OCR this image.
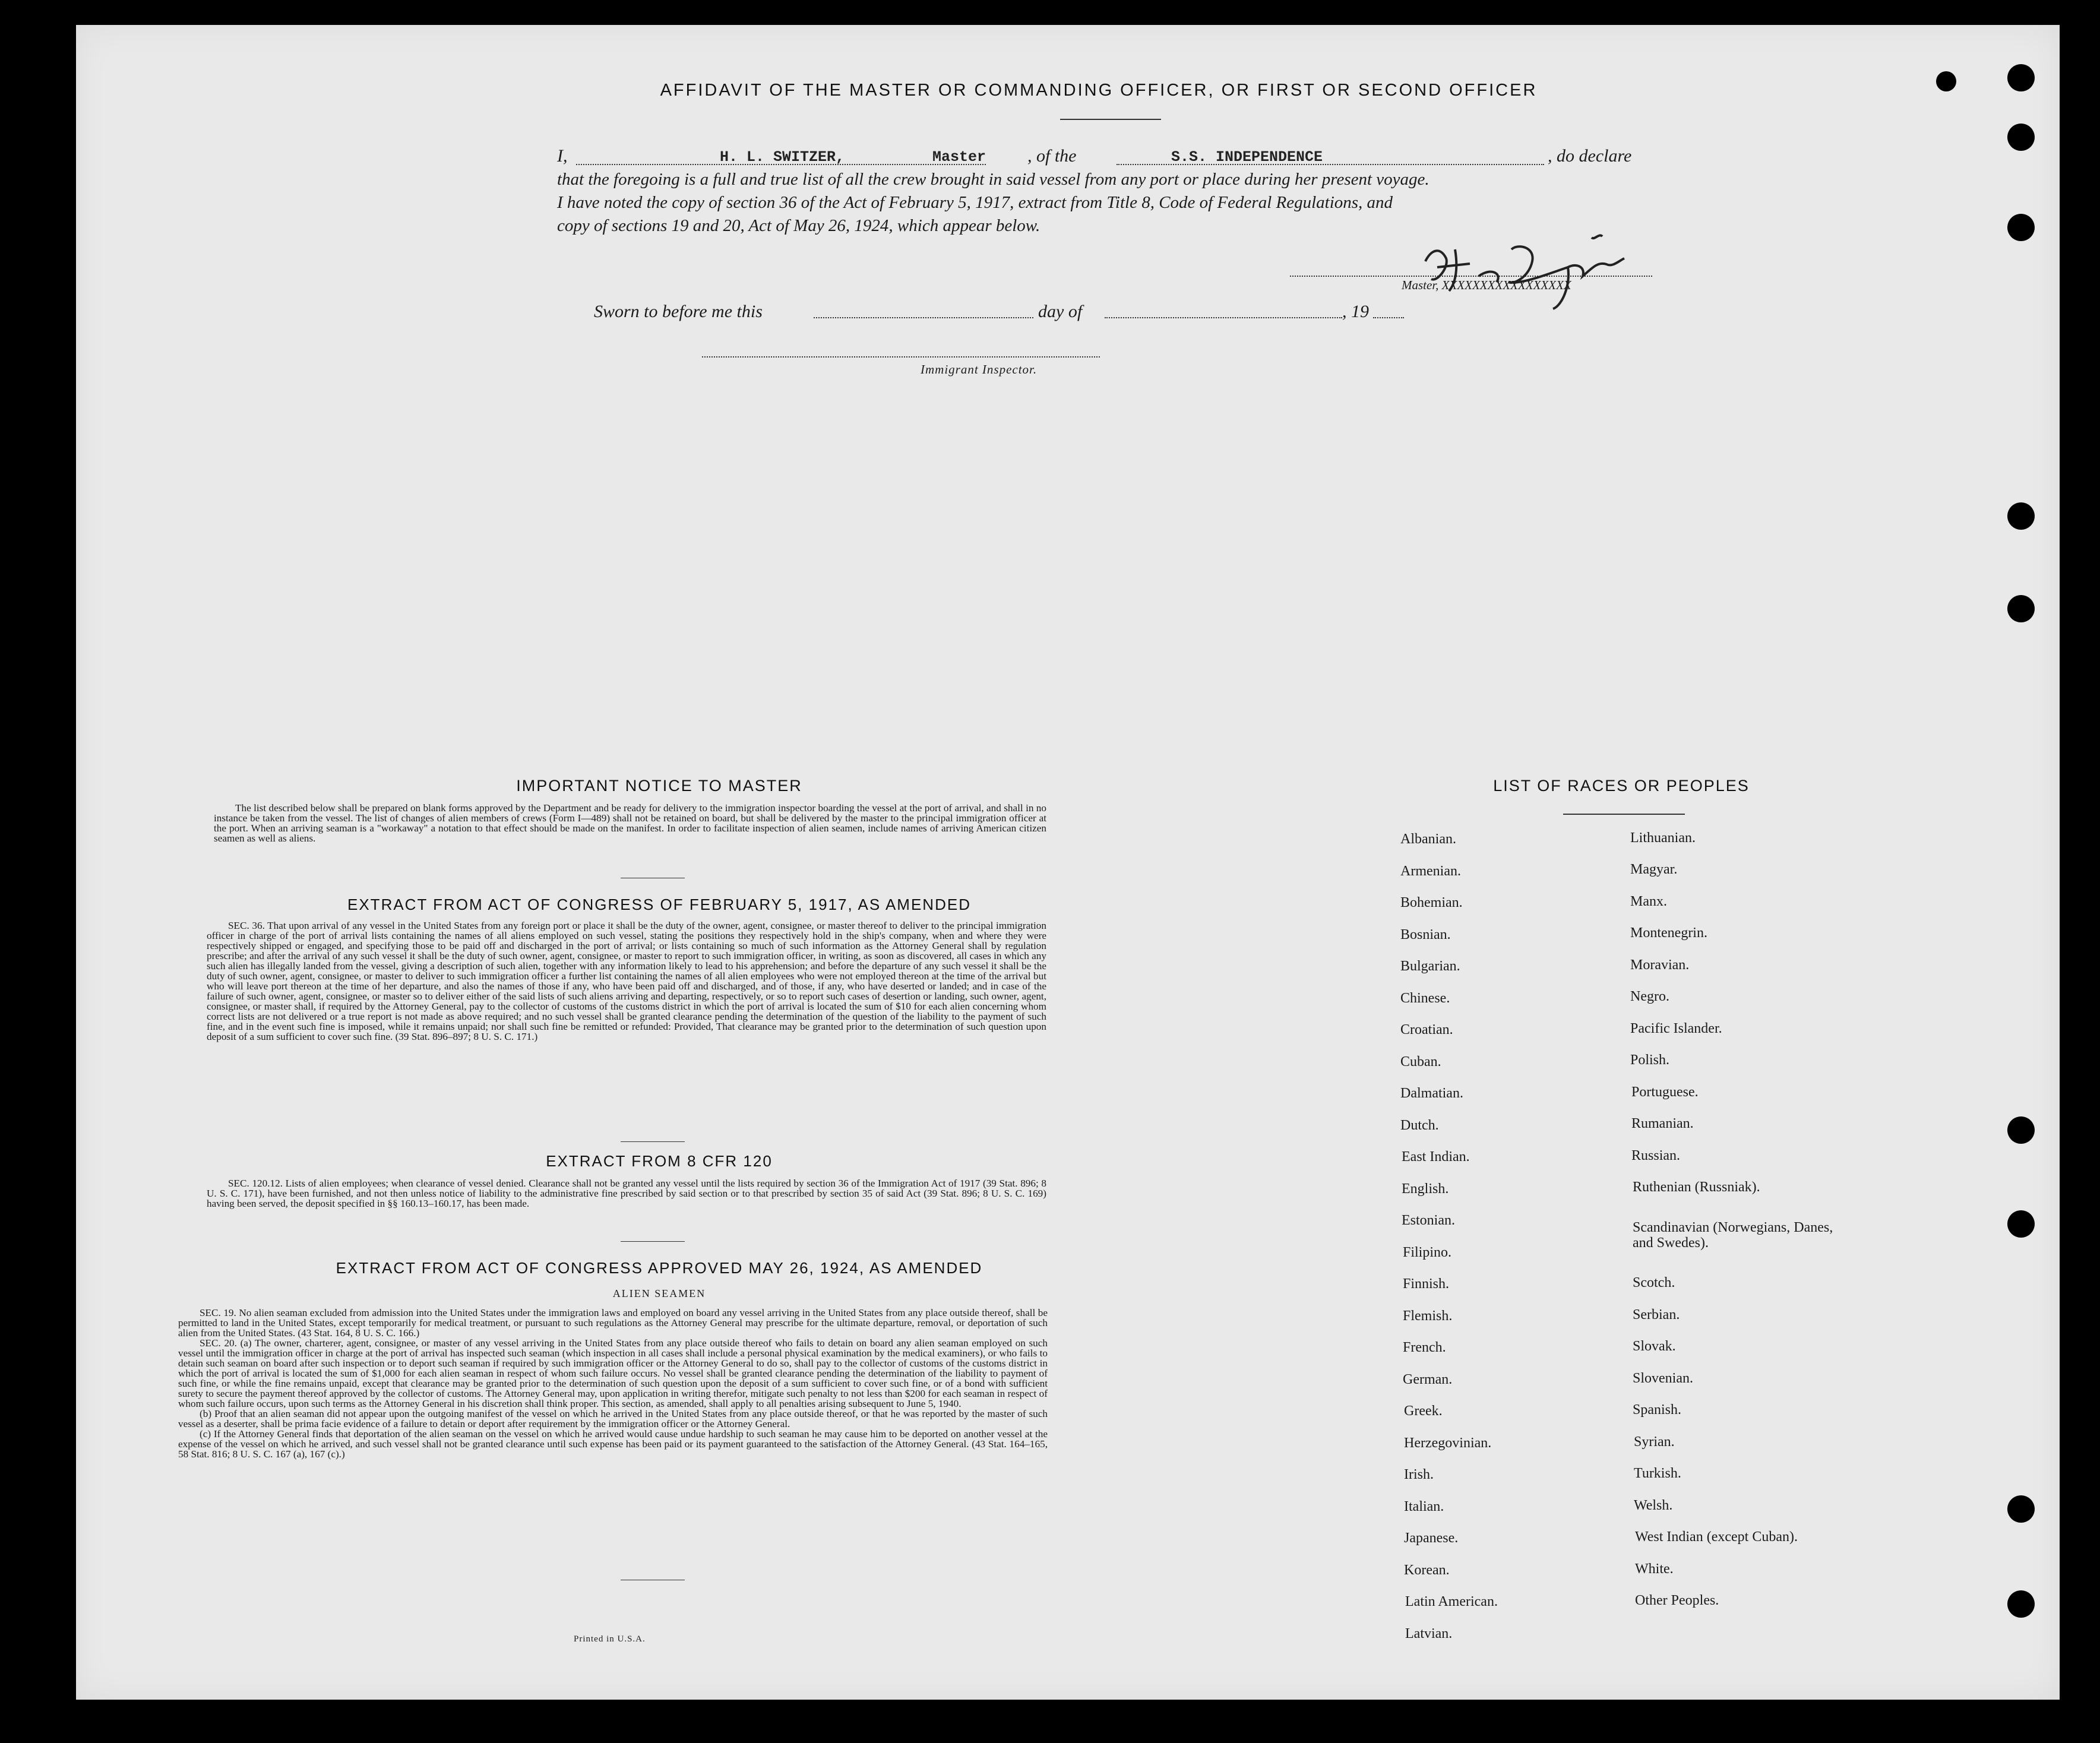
AFFIDAVIT OF THE MASTER OR COMMANDING OFFICER, OR FIRST OR SECOND OFFICER
I,	H. L. SWITZER,	Master , of the	S.S. INDEPENDENCE	, do declare
that the foregoing is a full and true list of all the crew brought in said vessel from any port or place during her present voyage.
I have noted the copy of section 36 of the Act of February 5, 1917, extract from Title 8, Code of Federal Regulations, and
copy of sections 19 and 20, Act of May 26, 1924, which appear below.
Master, XXXXXXXXXXXXXXXXX
Sworn to before me this	day of	, 19
Immigrant Inspector.
IMPORTANT NOTICE TO MASTER

The list described below shall be prepared on blank forms approved by the Department and be ready for delivery to the immigration inspector boarding the vessel at the port of arrival, and shall in no instance be taken from the vessel. The list of changes of alien members of crews (Form I—489) shall not be retained on board, but shall be delivered by the master to the principal immigration officer at the port. When an arriving seaman is a "workaway" a notation to that effect should be made on the manifest. In order to facilitate inspection of alien seamen, include names of arriving American citizen seamen as well as aliens.

EXTRACT FROM ACT OF CONGRESS OF FEBRUARY 5, 1917, AS AMENDED

SEC. 36. That upon arrival of any vessel in the United States from any foreign port or place it shall be the duty of the owner, agent, consignee, or master thereof to deliver to the principal immigration officer in charge of the port of arrival lists containing the names of all aliens employed on such vessel, stating the positions they respectively hold in the ship's company, when and where they were respectively shipped or engaged, and specifying those to be paid off and discharged in the port of arrival; or lists containing so much of such information as the Attorney General shall by regulation prescribe; and after the arrival of any such vessel it shall be the duty of such owner, agent, consignee, or master to report to such immigration officer, in writing, as soon as discovered, all cases in which any such alien has illegally landed from the vessel, giving a description of such alien, together with any information likely to lead to his apprehension; and before the departure of any such vessel it shall be the duty of such owner, agent, consignee, or master to deliver to such immigration officer a further list containing the names of all alien employees who were not employed thereon at the time of the arrival but who will leave port thereon at the time of her departure, and also the names of those if any, who have been paid off and discharged, and of those, if any, who have deserted or landed; and in case of the failure of such owner, agent, consignee, or master so to deliver either of the said lists of such aliens arriving and departing, respectively, or so to report such cases of desertion or landing, such owner, agent, consignee, or master shall, if required by the Attorney General, pay to the collector of customs of the customs district in which the port of arrival is located the sum of $10 for each alien concerning whom correct lists are not delivered or a true report is not made as above required; and no such vessel shall be granted clearance pending the determination of the question of the liability to the payment of such fine, and in the event such fine is imposed, while it remains unpaid; nor shall such fine be remitted or refunded: Provided, That clearance may be granted prior to the determination of such question upon deposit of a sum sufficient to cover such fine. (39 Stat. 896–897; 8 U. S. C. 171.)

EXTRACT FROM 8 CFR 120

SEC. 120.12. Lists of alien employees; when clearance of vessel denied. Clearance shall not be granted any vessel until the lists required by section 36 of the Immigration Act of 1917 (39 Stat. 896; 8 U. S. C. 171), have been furnished, and not then unless notice of liability to the administrative fine prescribed by said section or to that prescribed by section 35 of said Act (39 Stat. 896; 8 U. S. C. 169) having been served, the deposit specified in §§ 160.13–160.17, has been made.

EXTRACT FROM ACT OF CONGRESS APPROVED MAY 26, 1924, AS AMENDED
ALIEN SEAMEN

SEC. 19. No alien seaman excluded from admission into the United States under the immigration laws and employed on board any vessel arriving in the United States from any place outside thereof, shall be permitted to land in the United States, except temporarily for medical treatment, or pursuant to such regulations as the Attorney General may prescribe for the ultimate departure, removal, or deportation of such alien from the United States. (43 Stat. 164, 8 U. S. C. 166.)

SEC. 20. (a) The owner, charterer, agent, consignee, or master of any vessel arriving in the United States from any place outside thereof who fails to detain on board any alien seaman employed on such vessel until the immigration officer in charge at the port of arrival has inspected such seaman (which inspection in all cases shall include a personal physical examination by the medical examiners), or who fails to detain such seaman on board after such inspection or to deport such seaman if required by such immigration officer or the Attorney General to do so, shall pay to the collector of customs of the customs district in which the port of arrival is located the sum of $1,000 for each alien seaman in respect of whom such failure occurs. No vessel shall be granted clearance pending the determination of the liability to payment of such fine, or while the fine remains unpaid, except that clearance may be granted prior to the determination of such question upon the deposit of a sum sufficient to cover such fine, or of a bond with sufficient surety to secure the payment thereof approved by the collector of customs. The Attorney General may, upon application in writing therefor, mitigate such penalty to not less than $200 for each seaman in respect of whom such failure occurs, upon such terms as the Attorney General in his discretion shall think proper. This section, as amended, shall apply to all penalties arising subsequent to June 5, 1940.

(b) Proof that an alien seaman did not appear upon the outgoing manifest of the vessel on which he arrived in the United States from any place outside thereof, or that he was reported by the master of such vessel as a deserter, shall be prima facie evidence of a failure to detain or deport after requirement by the immigration officer or the Attorney General.

(c) If the Attorney General finds that deportation of the alien seaman on the vessel on which he arrived would cause undue hardship to such seaman he may cause him to be deported on another vessel at the expense of the vessel on which he arrived, and such vessel shall not be granted clearance until such expense has been paid or its payment guaranteed to the satisfaction of the Attorney General. (43 Stat. 164–165, 58 Stat. 816; 8 U. S. C. 167 (a), 167 (c).)

Printed in U.S.A.
LIST OF RACES OR PEOPLES
Albanian.
Armenian.
Bohemian.
Bosnian.
Bulgarian.
Chinese.
Croatian.
Cuban.
Dalmatian.
Dutch.
East Indian.
English.
Estonian.
Filipino.
Finnish.
Flemish.
French.
German.
Greek.
Herzegovinian.
Irish.
Italian.
Japanese.
Korean.
Latin American.
Latvian.
Lithuanian.
Magyar.
Manx.
Montenegrin.
Moravian.
Negro.
Pacific Islander.
Polish.
Portuguese.
Rumanian.
Russian.
Ruthenian (Russniak).
Scandinavian (Norwegians, Danes, and Swedes).
Scotch.
Serbian.
Slovak.
Slovenian.
Spanish.
Syrian.
Turkish.
Welsh.
West Indian (except Cuban).
White.
Other Peoples.
